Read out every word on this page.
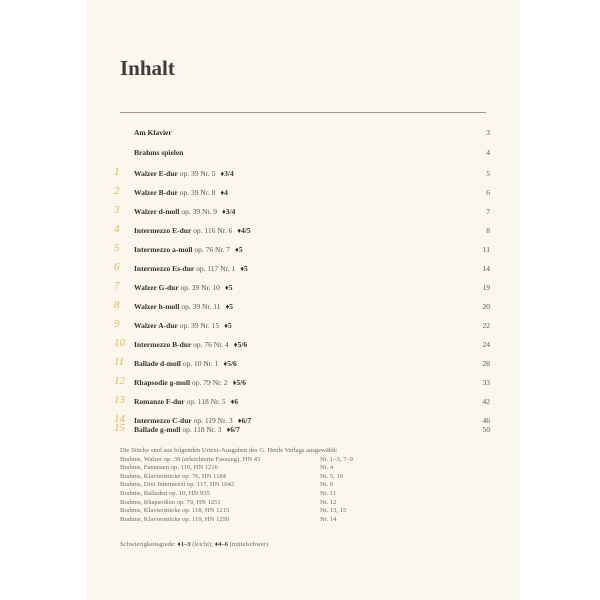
Inhalt
Am Klavier	3
Brahms spielen	4
1	Walzer E-dur op. 39 Nr. 5 ♦3/4	5
2	Walzer B-dur op. 39 Nr. 8 ♦4	6
3	Walzer d-moll op. 39 Nr. 9 ♦3/4	7
4	Intermezzo E-dur op. 116 Nr. 6 ♦4/5	8
5	Intermezzo a-moll op. 76 Nr. 7 ♦5	11
6	Intermezzo Es-dur op. 117 Nr. 1 ♦5	14
7	Walzer G-dur op. 39 Nr. 10 ♦5	19
8	Walzer h-moll op. 39 Nr. 11 ♦5	20
9	Walzer A-dur op. 39 Nr. 15 ♦5	22
10	Intermezzo B-dur op. 76 Nr. 4 ♦5/6	24
11	Ballade d-moll op. 10 Nr. 1 ♦5/6	28
12	Rhapsodie g-moll op. 79 Nr. 2 ♦5/6	33
13	Romanze F-dur op. 118 Nr. 5 ♦6	42
14	Intermezzo C-dur op. 119 Nr. 3 ♦6/7	46
15	Ballade g-moll op. 118 Nr. 3 ♦6/7	50
Die Stücke sind aus folgenden Urtext-Ausgaben des G. Henle Verlags ausgewählt:
Brahms, Walzer op. 39 (erleichterte Fassung), HN 43	Nr. 1–3, 7–9
Brahms, Fantasien op. 116, HN 1216	Nr. 4
Brahms, Klavierstücke op. 76, HN 1184	Nr. 5, 10
Brahms, Drei Intermezzi op. 117, HN 1042	Nr. 6
Brahms, Balladen op. 10, HN 935	Nr. 11
Brahms, Rhapsodien op. 79, HN 1251	Nr. 12
Brahms, Klavierstücke op. 118, HN 1215	Nr. 13, 15
Brahms, Klavierstücke op. 119, HN 1250	Nr. 14
Schwierigkeitsgrade: ♦1–3 (leicht); ♦4–6 (mittelschwer)
